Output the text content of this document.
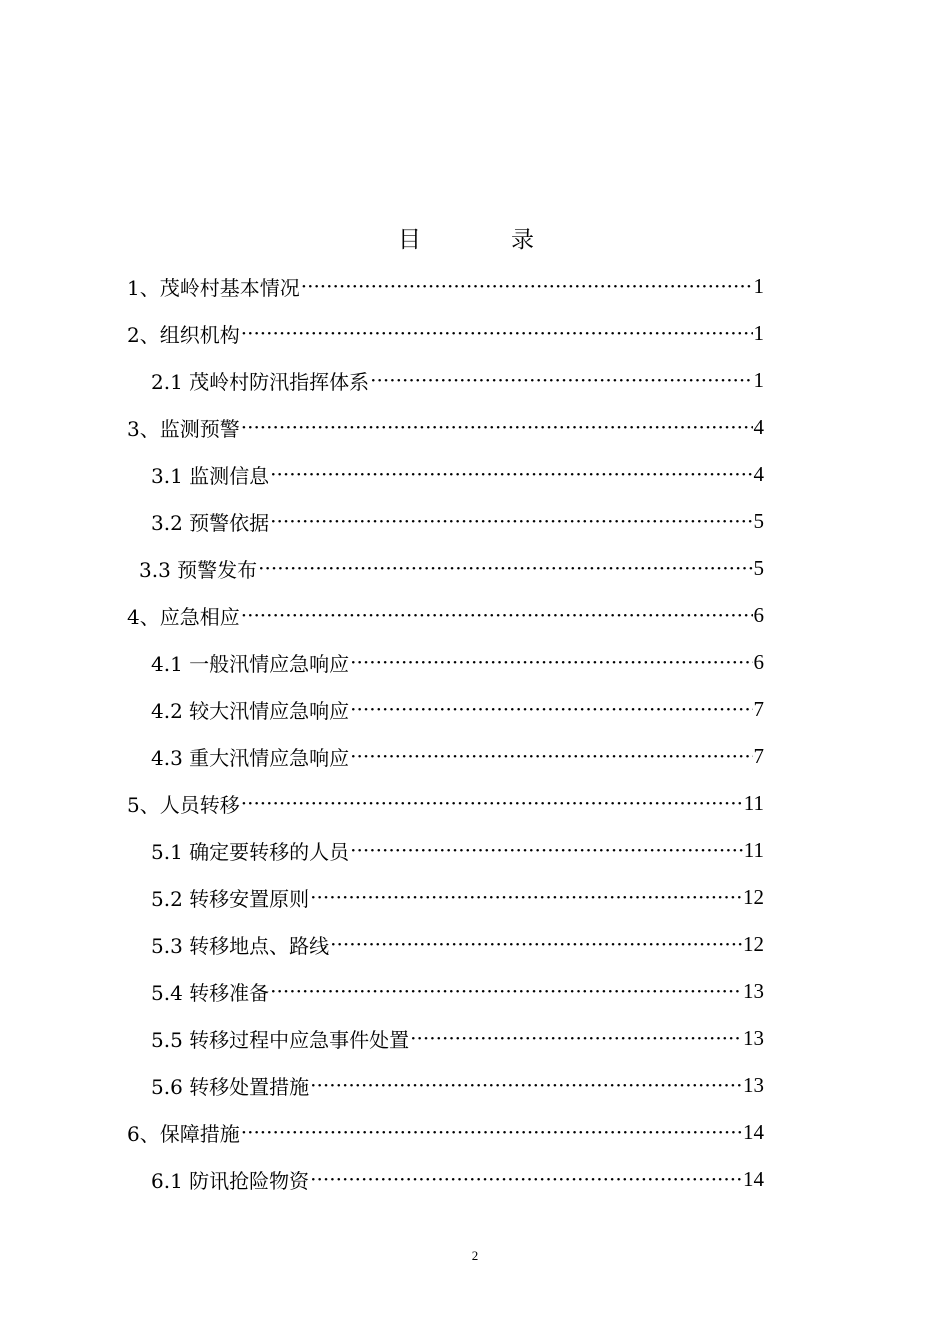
目	录
1、茂岭村基本情况 ·····	1
2、组织机构 ·····	1
2.1 茂岭村防汛指挥体系 ·····	1
3、监测预警 ·····	4
3.1 监测信息 ·····	4
3.2 预警依据 ·····	5
3.3 预警发布 ·····	5
4、应急相应 ·····	6
4.1 一般汛情应急响应 ·····	6
4.2 较大汛情应急响应 ·····	7
4.3 重大汛情应急响应 ·····	7
5、人员转移 ·····	11
5.1 确定要转移的人员 ·····	11
5.2 转移安置原则 ·····	12
5.3 转移地点、路线 ·····	12
5.4 转移准备 ·····	13
5.5 转移过程中应急事件处置 ·····	13
5.6 转移处置措施 ·····	13
6、保障措施 ·····	14
6.1 防讯抢险物资 ·····	14
2
